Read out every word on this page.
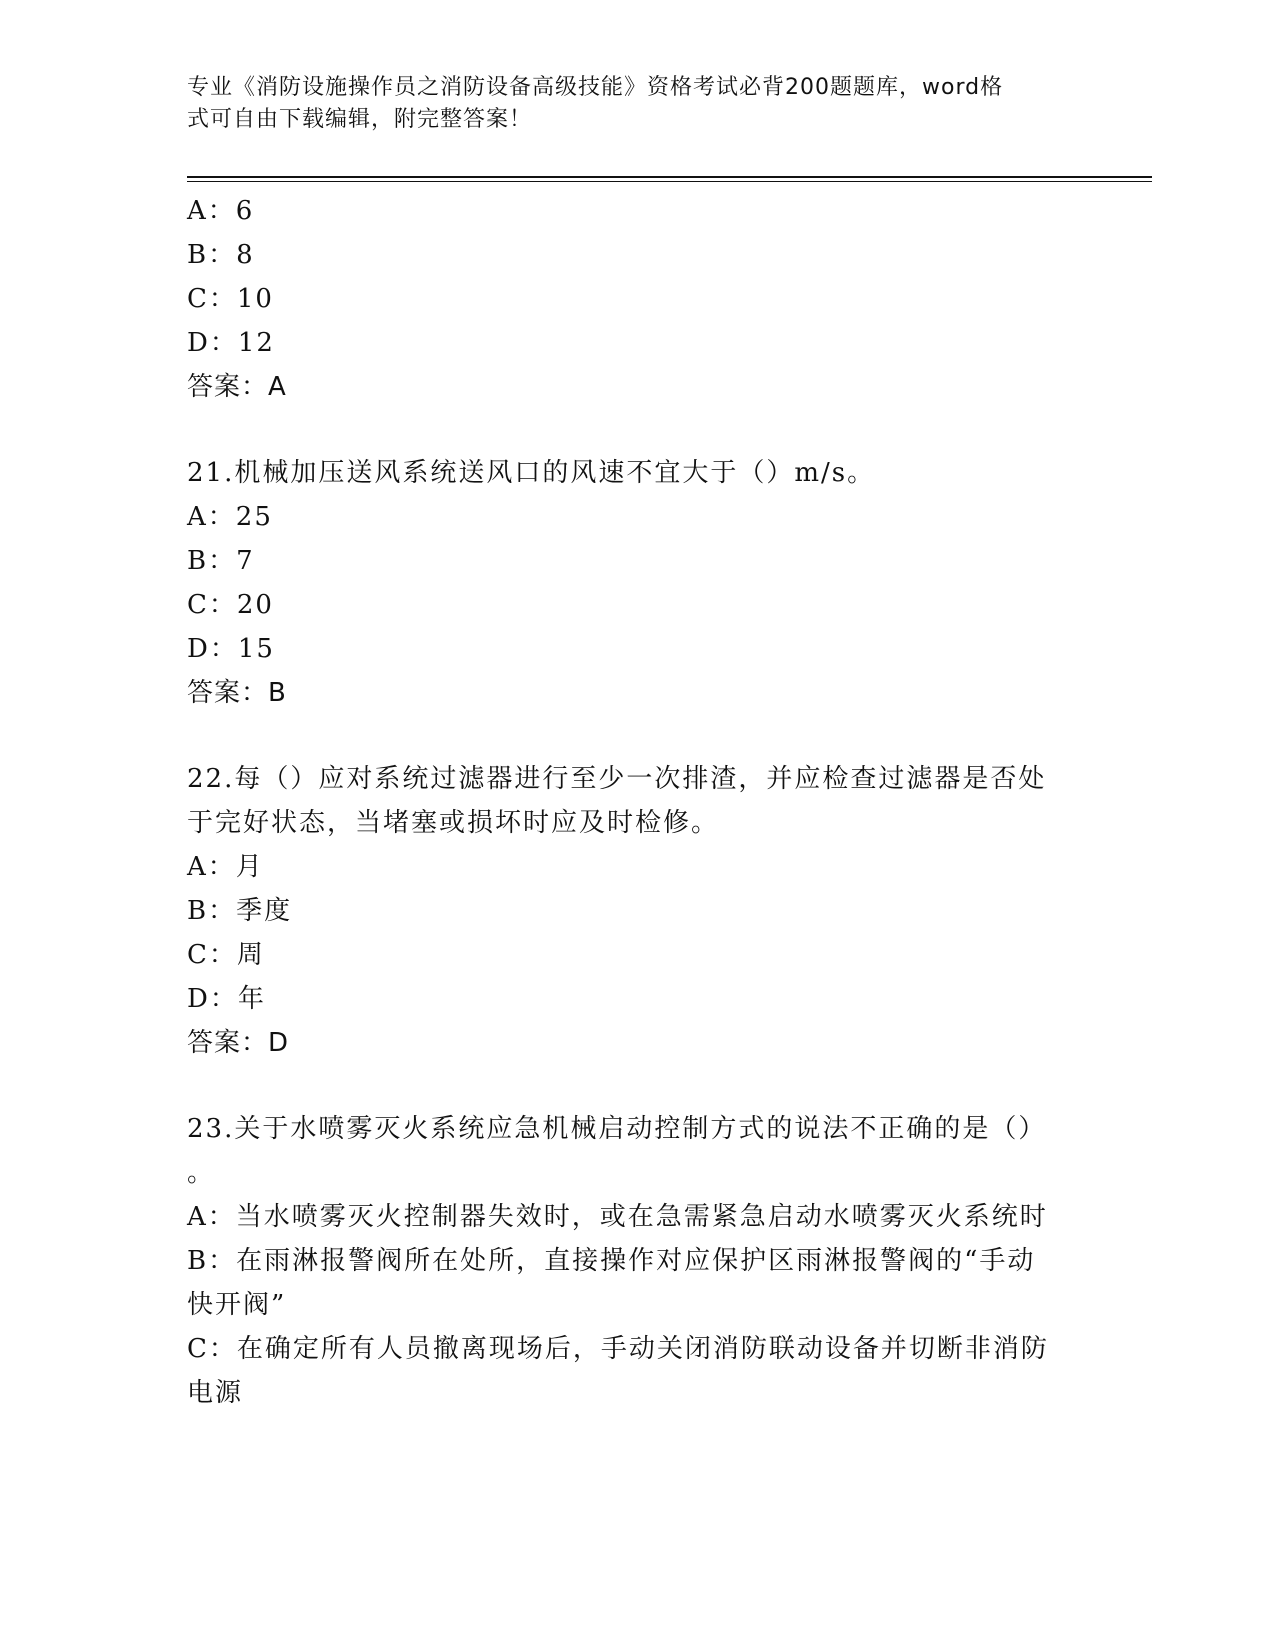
专业《消防设施操作员之消防设备高级技能》资格考试必背200题题库，word格
式可自由下载编辑，附完整答案！
A：6
B：8
C：10
D：12
答案：A
21.机械加压送风系统送风口的风速不宜大于（）m/s。
A：25
B：7
C：20
D：15
答案：B
22.每（）应对系统过滤器进行至少一次排渣，并应检查过滤器是否处
于完好状态，当堵塞或损坏时应及时检修。
A：月
B：季度
C：周
D：年
答案：D
23.关于水喷雾灭火系统应急机械启动控制方式的说法不正确的是（）
。
A：当水喷雾灭火控制器失效时，或在急需紧急启动水喷雾灭火系统时
B：在雨淋报警阀所在处所，直接操作对应保护区雨淋报警阀的“手动
快开阀”
C：在确定所有人员撤离现场后，手动关闭消防联动设备并切断非消防
电源
